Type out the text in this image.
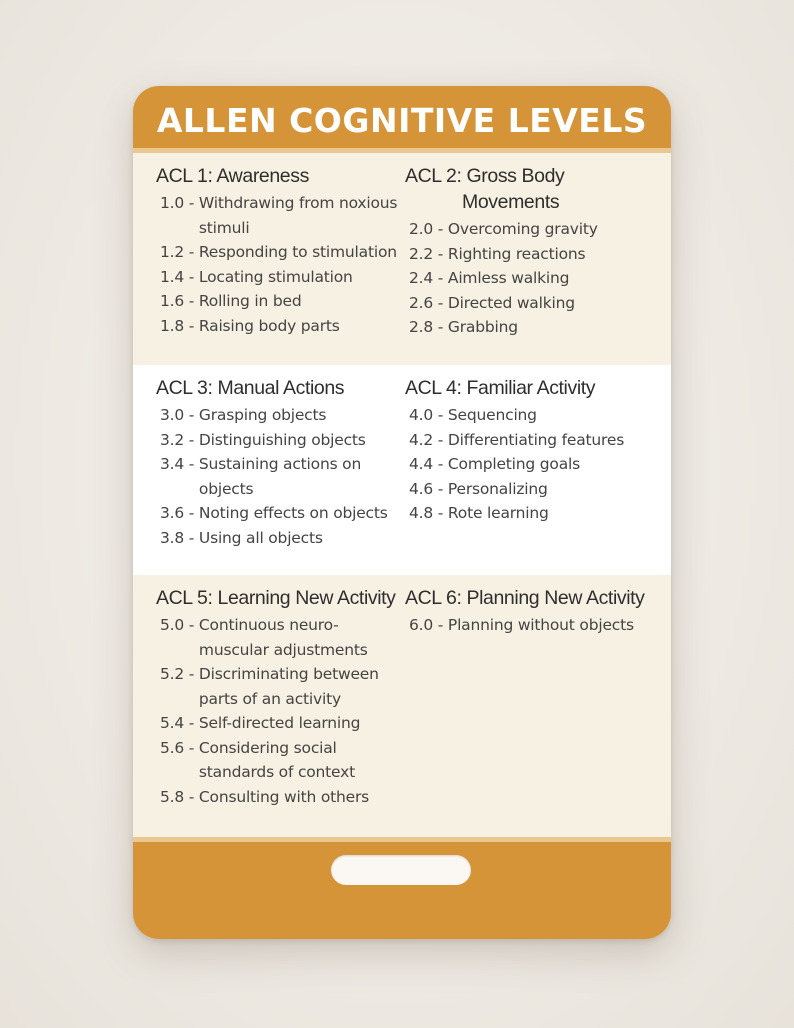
ALLEN COGNITIVE LEVELS
ACL 1: Awareness
1.0 - Withdrawing from noxious stimuli
1.2 - Responding to stimulation
1.4 - Locating stimulation
1.6 - Rolling in bed
1.8 - Raising body parts
ACL 2: Gross Body
Movements
2.0 - Overcoming gravity
2.2 - Righting reactions
2.4 - Aimless walking
2.6 - Directed walking
2.8 - Grabbing
ACL 3: Manual Actions
3.0 - Grasping objects
3.2 - Distinguishing objects
3.4 - Sustaining actions on objects
3.6 - Noting effects on objects
3.8 - Using all objects
ACL 4: Familiar Activity
4.0 - Sequencing
4.2 - Differentiating features
4.4 - Completing goals
4.6 - Personalizing
4.8 - Rote learning
ACL 5: Learning New Activity
5.0 - Continuous neuro-muscular adjustments
5.2 - Discriminating between parts of an activity
5.4 - Self-directed learning
5.6 - Considering social standards of context
5.8 - Consulting with others
ACL 6: Planning New Activity
6.0 - Planning without objects
